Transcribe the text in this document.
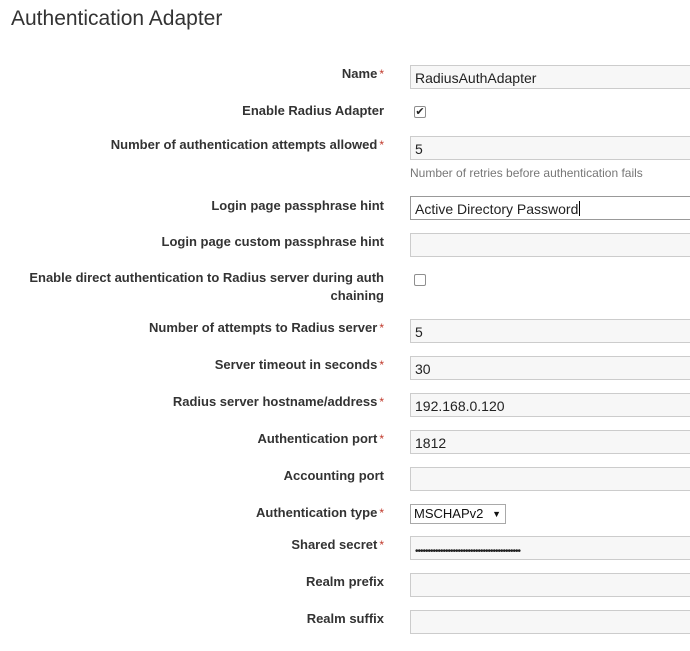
Authentication Adapter
Name *	RadiusAuthAdapter
Enable Radius Adapter	✔
Number of authentication attempts allowed *	5
Number of retries before authentication fails
Login page passphrase hint	Active Directory Password
Login page custom passphrase hint
Enable direct authentication to Radius server during auth
chaining
Number of attempts to Radius server *	5
Server timeout in seconds *	30
Radius server hostname/address *	192.168.0.120
Authentication port *	1812
Accounting port
Authentication type *	MSCHAPv2 ▼
Shared secret *	••••••••••••••••••••••••••••••••••••••••••
Realm prefix
Realm suffix
